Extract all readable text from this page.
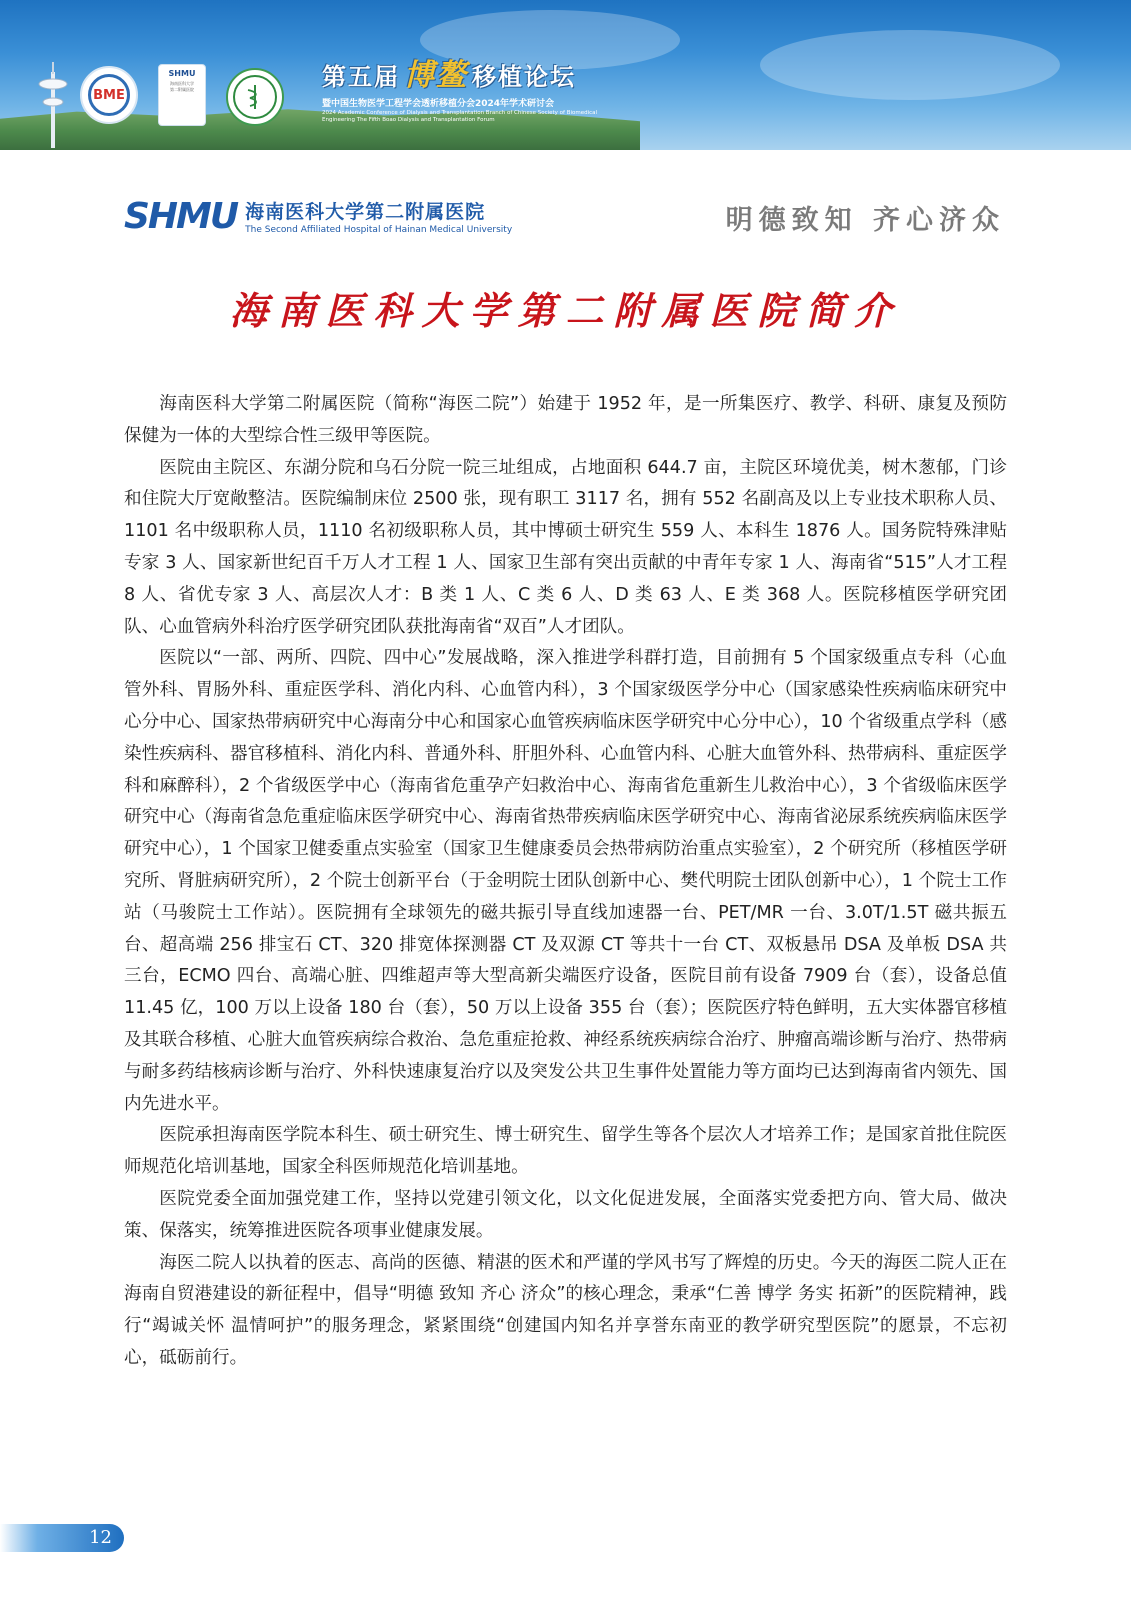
BME
SHMU
海南医科大学
第二附属医院	第五届 博鳌 移植论坛
暨中国生物医学工程学会透析移植分会2024年学术研讨会
2024 Academic Conference of Dialysis and Transplantation Branch of Chinese Society of Biomedical Engineering The Fifth Boao Dialysis and Transplantation Forum
SHMU 海南医科大学第二附属医院
The Second Affiliated Hospital of Hainan Medical University	明德致知 齐心济众
海南医科大学第二附属医院简介

海南医科大学第二附属医院（简称“海医二院”）始建于 1952 年，是一所集医疗、教学、科研、康复及预防保健为一体的大型综合性三级甲等医院。

医院由主院区、东湖分院和乌石分院一院三址组成，占地面积 644.7 亩，主院区环境优美，树木葱郁，门诊和住院大厅宽敞整洁。医院编制床位 2500 张，现有职工 3117 名，拥有 552 名副高及以上专业技术职称人员、1101 名中级职称人员，1110 名初级职称人员，其中博硕士研究生 559 人、本科生 1876 人。国务院特殊津贴专家 3 人、国家新世纪百千万人才工程 1 人、国家卫生部有突出贡献的中青年专家 1 人、海南省“515”人才工程 8 人、省优专家 3 人、高层次人才：B 类 1 人、C 类 6 人、D 类 63 人、E 类 368 人。医院移植医学研究团队、心血管病外科治疗医学研究团队获批海南省“双百”人才团队。

医院以“一部、两所、四院、四中心”发展战略，深入推进学科群打造，目前拥有 5 个国家级重点专科（心血管外科、胃肠外科、重症医学科、消化内科、心血管内科），3 个国家级医学分中心（国家感染性疾病临床研究中心分中心、国家热带病研究中心海南分中心和国家心血管疾病临床医学研究中心分中心），10 个省级重点学科（感染性疾病科、器官移植科、消化内科、普通外科、肝胆外科、心血管内科、心脏大血管外科、热带病科、重症医学科和麻醉科），2 个省级医学中心（海南省危重孕产妇救治中心、海南省危重新生儿救治中心），3 个省级临床医学研究中心（海南省急危重症临床医学研究中心、海南省热带疾病临床医学研究中心、海南省泌尿系统疾病临床医学研究中心），1 个国家卫健委重点实验室（国家卫生健康委员会热带病防治重点实验室），2 个研究所（移植医学研究所、肾脏病研究所），2 个院士创新平台（于金明院士团队创新中心、樊代明院士团队创新中心），1 个院士工作站（马骏院士工作站）。医院拥有全球领先的磁共振引导直线加速器一台、PET/MR 一台、3.0T/1.5T 磁共振五台、超高端 256 排宝石 CT、320 排宽体探测器 CT 及双源 CT 等共十一台 CT、双板悬吊 DSA 及单板 DSA 共三台，ECMO 四台、高端心脏、四维超声等大型高新尖端医疗设备，医院目前有设备 7909 台（套），设备总值 11.45 亿，100 万以上设备 180 台（套），50 万以上设备 355 台（套）；医院医疗特色鲜明，五大实体器官移植及其联合移植、心脏大血管疾病综合救治、急危重症抢救、神经系统疾病综合治疗、肿瘤高端诊断与治疗、热带病与耐多药结核病诊断与治疗、外科快速康复治疗以及突发公共卫生事件处置能力等方面均已达到海南省内领先、国内先进水平。

医院承担海南医学院本科生、硕士研究生、博士研究生、留学生等各个层次人才培养工作；是国家首批住院医师规范化培训基地，国家全科医师规范化培训基地。

医院党委全面加强党建工作，坚持以党建引领文化，以文化促进发展，全面落实党委把方向、管大局、做决策、保落实，统筹推进医院各项事业健康发展。

海医二院人以执着的医志、高尚的医德、精湛的医术和严谨的学风书写了辉煌的历史。今天的海医二院人正在海南自贸港建设的新征程中，倡导“明德 致知 齐心 济众”的核心理念，秉承“仁善 博学 务实 拓新”的医院精神，践行“竭诚关怀 温情呵护”的服务理念，紧紧围绕“创建国内知名并享誉东南亚的教学研究型医院”的愿景，不忘初心，砥砺前行。

12
